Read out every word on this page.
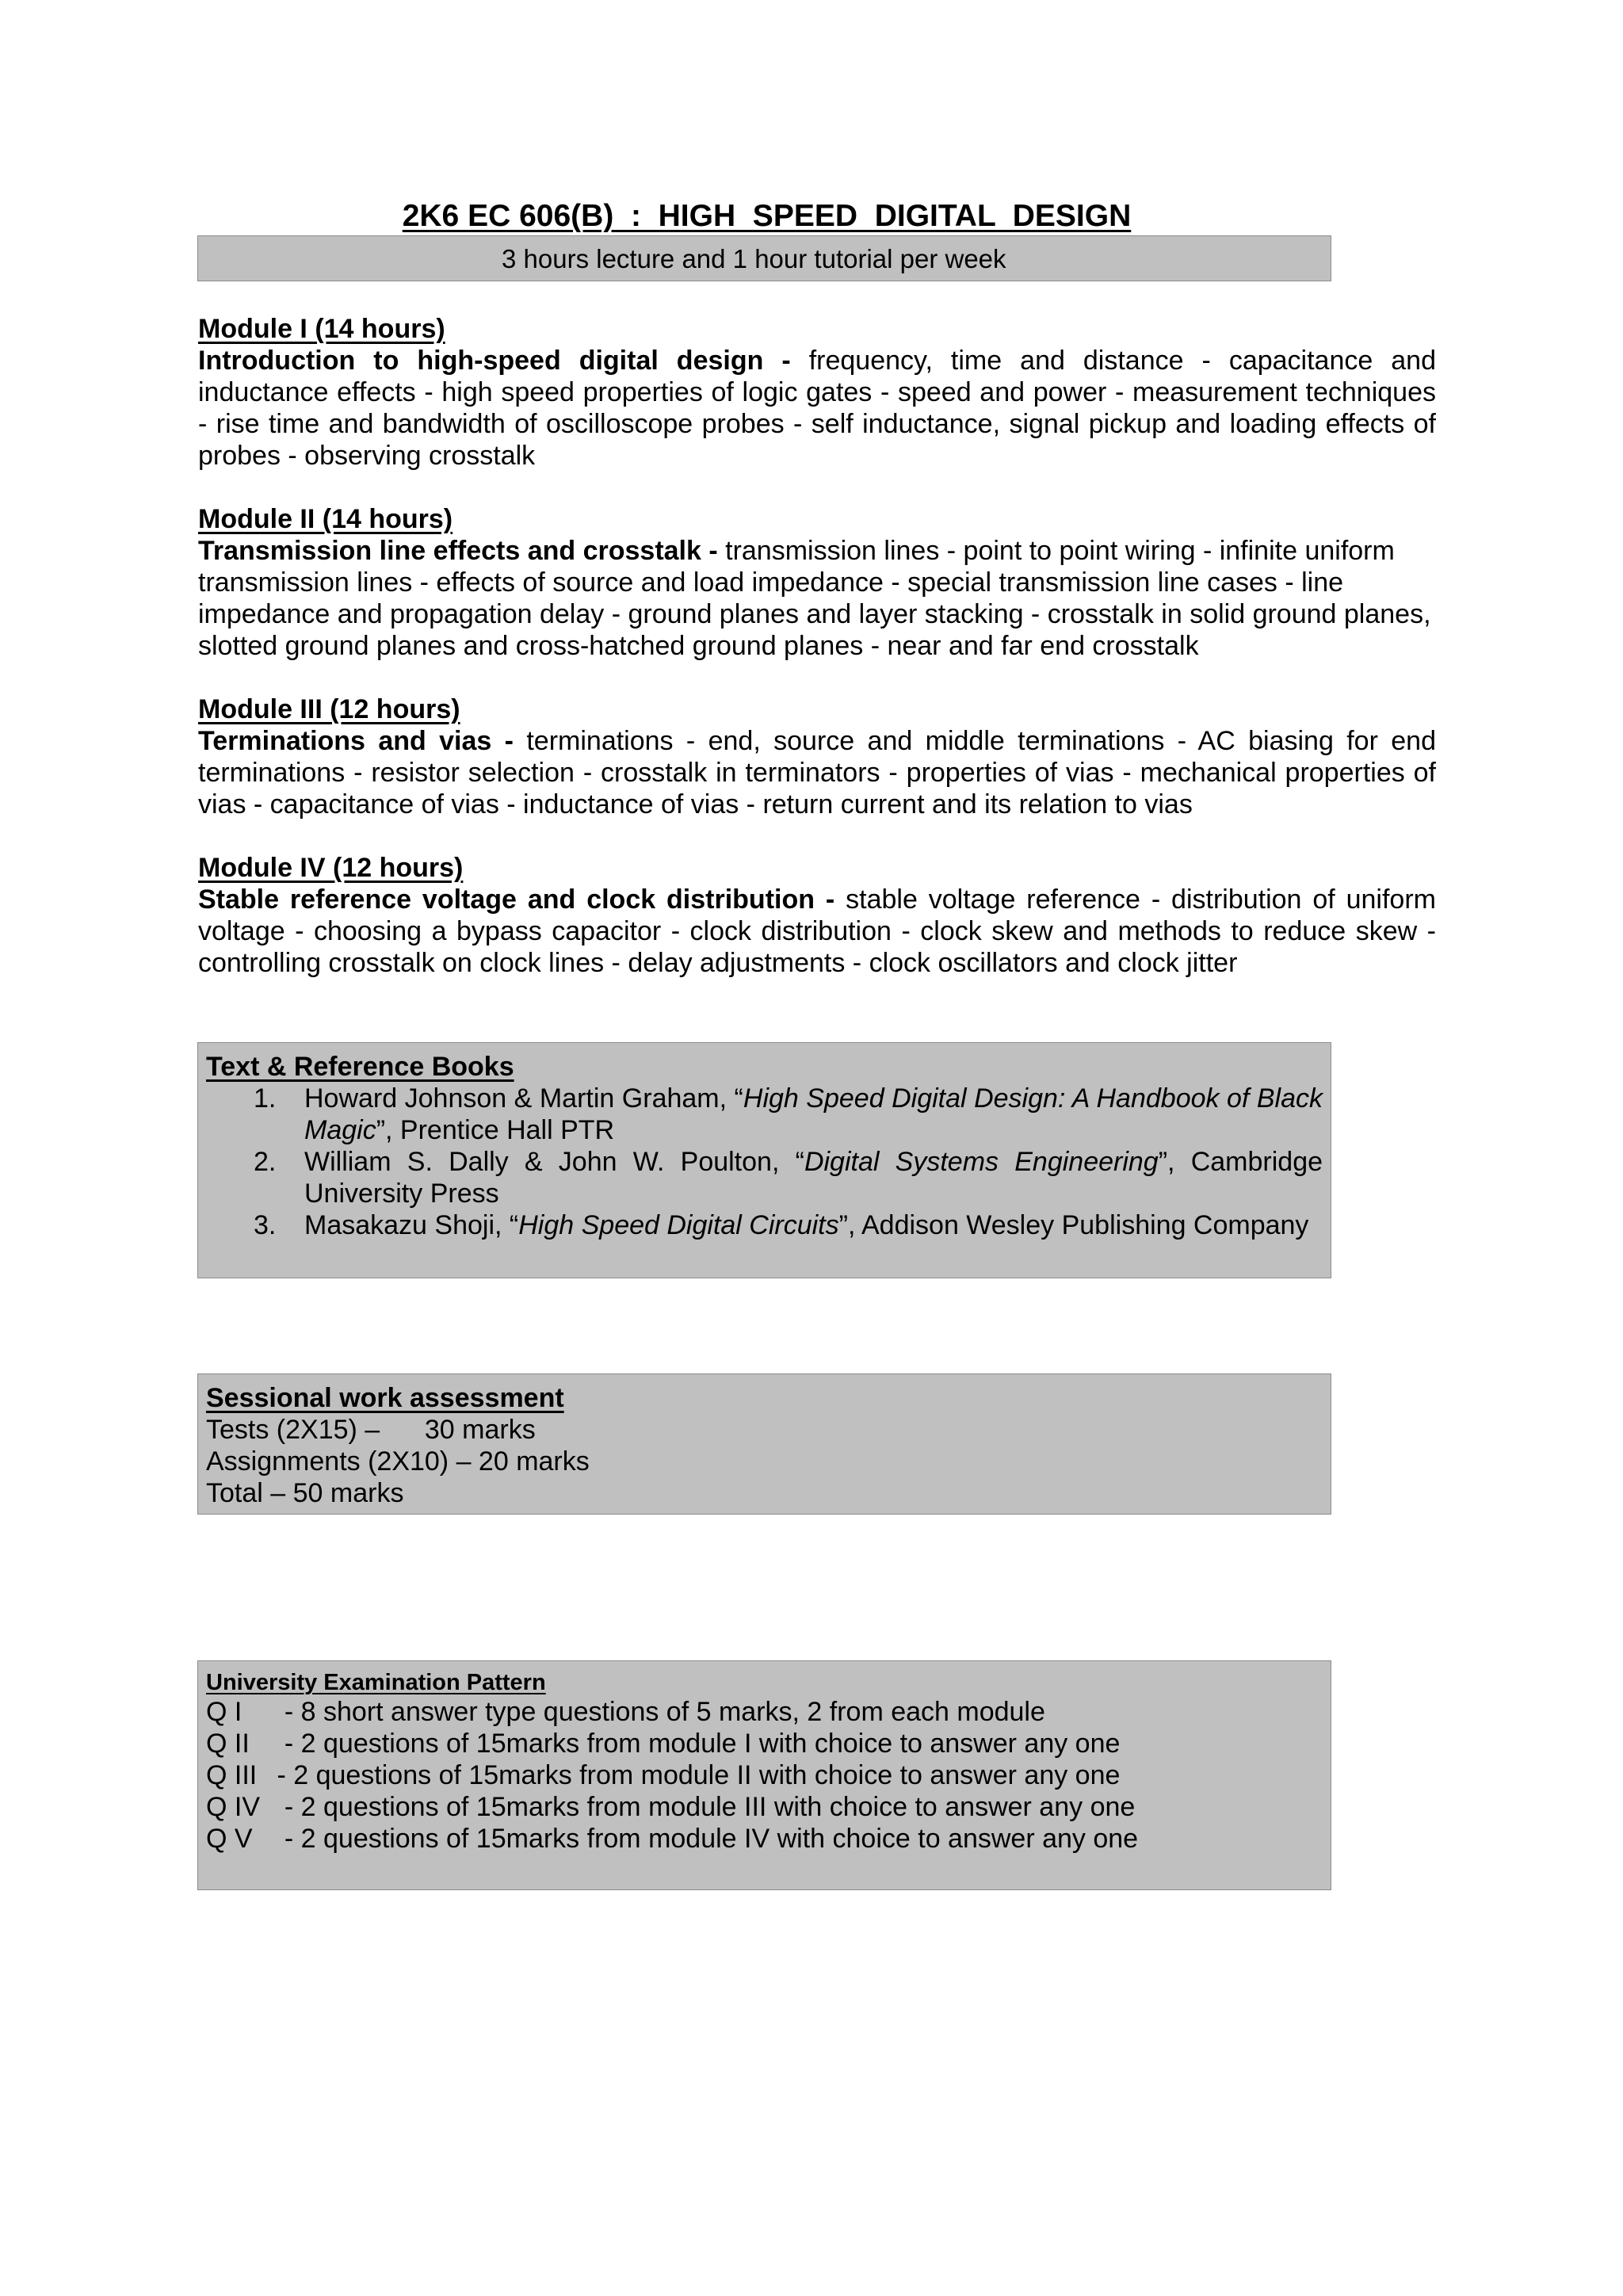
2K6 EC 606(B)  :  HIGH  SPEED  DIGITAL  DESIGN
3 hours lecture and 1 hour tutorial per week

Module I (14 hours)

Introduction to high-speed digital design - frequency, time and distance - capacitance and inductance effects - high speed properties of logic gates - speed and power - measurement techniques - rise time and bandwidth of oscilloscope probes - self inductance, signal pickup and loading effects of probes - observing crosstalk

Module II (14 hours)

Transmission line effects and crosstalk - transmission lines - point to point wiring - infinite uniform transmission lines - effects of source and load impedance - special transmission line cases - line impedance and propagation delay - ground planes and layer stacking - crosstalk in solid ground planes, slotted ground planes and cross-hatched ground planes - near and far end crosstalk

Module III (12 hours)

Terminations and vias - terminations - end, source and middle terminations - AC biasing for end terminations - resistor selection - crosstalk in terminators - properties of vias - mechanical properties of vias - capacitance of vias - inductance of vias - return current and its relation to vias

Module IV (12 hours)

Stable reference voltage and clock distribution - stable voltage reference - distribution of uniform voltage - choosing a bypass capacitor - clock distribution - clock skew and methods to reduce skew - controlling crosstalk on clock lines - delay adjustments - clock oscillators and clock jitter

Text & Reference Books

1. Howard Johnson & Martin Graham, “High Speed Digital Design: A Handbook of Black Magic”, Prentice Hall PTR
2. William S. Dally & John W. Poulton, “Digital Systems Engineering”, Cambridge University Press
3. Masakazu Shoji, “High Speed Digital Circuits”, Addison Wesley Publishing Company

Sessional work assessment

Tests (2X15) –      30 marks

Assignments (2X10) – 20 marks

Total – 50 marks

University Examination Pattern

Q I	- 8 short answer type questions of 5 marks, 2 from each module
Q II - 2 questions of 15marks from module I with choice to answer any one
Q III - 2 questions of 15marks from module II with choice to answer any one
Q IV - 2 questions of 15marks from module III with choice to answer any one
Q V - 2 questions of 15marks from module IV with choice to answer any one
